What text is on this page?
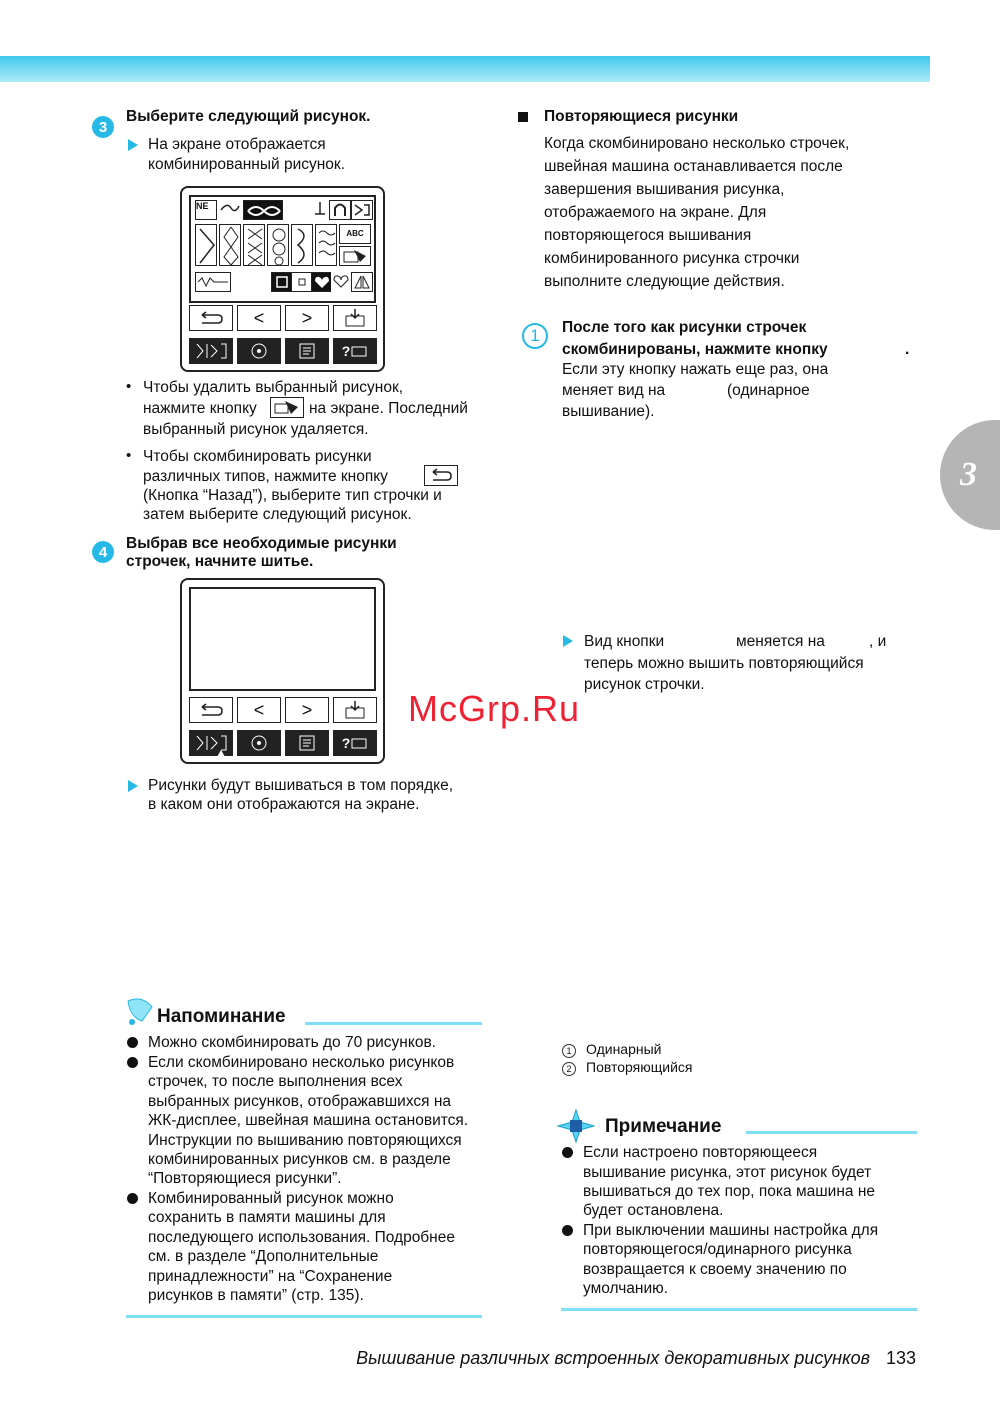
3
Выберите следующий рисунок.
На экране отображается
комбинированный рисунок.
NE
ABC
<	>
?
• Чтобы удалить выбранный рисунок,
нажмите кнопку	на экране. Последний
выбранный рисунок удаляется.
• Чтобы скомбинировать рисунки
различных типов, нажмите кнопку
(Кнопка “Назад”), выберите тип строчки и
затем выберите следующий рисунок.
4	Выбрав все необходимые рисунки
строчек, начните шитье.
<	>
?
Рисунки будут вышиваться в том порядке,
в каком они отображаются на экране.
Напоминание
Можно скомбинировать до 70 рисунков.
Если скомбинировано несколько рисунков
строчек, то после выполнения всех
выбранных рисунков, отображавшихся на
ЖК-дисплее, швейная машина остановится.
Инструкции по вышиванию повторяющихся
комбинированных рисунков см. в разделе
“Повторяющиеся рисунки”.
Комбинированный рисунок можно
сохранить в памяти машины для
последующего использования. Подробнее
см. в разделе “Дополнительные
принадлежности” на “Сохранение
рисунков в памяти” (стр. 135).
Повторяющиеся рисунки
Когда скомбинировано несколько строчек,
швейная машина останавливается после
завершения вышивания рисунка,
отображаемого на экране. Для
повторяющегося вышивания
комбинированного рисунка строчки
выполните следующие действия.
1	После того как рисунки строчек
скомбинированы, нажмите кнопку	.
Если эту кнопку нажать еще раз, она
меняет вид на	(одинарное
вышивание).
Вид кнопки	меняется на	, и
теперь можно вышить повторяющийся
рисунок строчки.
1 Одинарный
2 Повторяющийся
Примечание
Если настроено повторяющееся
вышивание рисунка, этот рисунок будет
вышиваться до тех пор, пока машина не
будет остановлена.
При выключении машины настройка для
повторяющегося/одинарного рисунка
возвращается к своему значению по
умолчанию.
3
McGrp.Ru
Вышивание различных встроенных декоративных рисунков 133
